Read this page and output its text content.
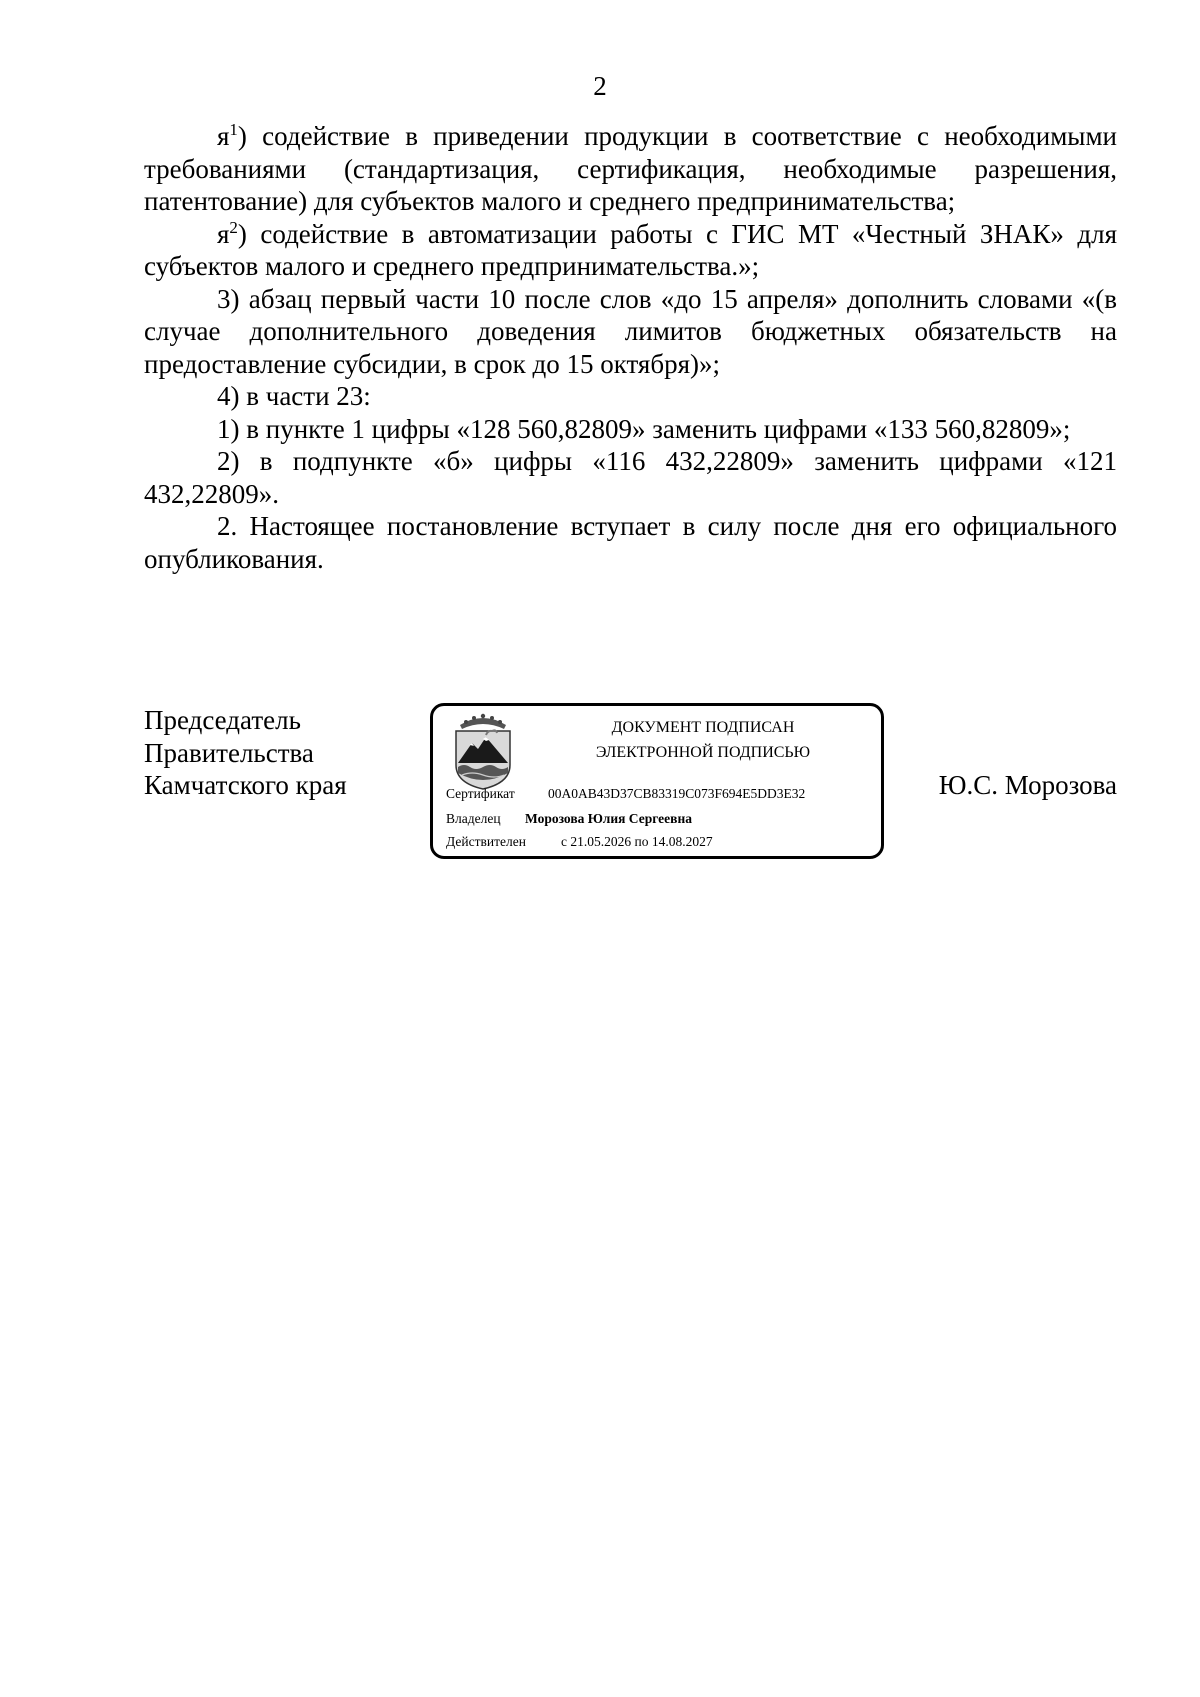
2

$я^1$) содействие в приведении продукции в соответствие с необходимыми требованиями (стандартизация, сертификация, необходимые разрешения, патентование) для субъектов малого и среднего предпринимательства;

$я^2$) содействие в автоматизации работы с ГИС МТ «Честный ЗНАК» для субъектов малого и среднего предпринимательства.»;

3) абзац первый части 10 после слов «до 15 апреля» дополнить словами «(в случае дополнительного доведения лимитов бюджетных обязательств на предоставление субсидии, в срок до 15 октября)»;

4) в части 23:

1) в пункте 1 цифры «128 560,82809» заменить цифрами «133 560,82809»;

2) в подпункте «б» цифры «116 432,22809» заменить цифрами «121 432,22809».

2. Настоящее постановление вступает в силу после дня его официального опубликования.

Председатель
Правительства
Камчатского края
ДОКУМЕНТ ПОДПИСАН
ЭЛЕКТРОННОЙ ПОДПИСЬЮ
Сертификат 00A0AB43D37CB83319C073F694E5DD3E32
Владелец Морозова Юлия Сергеевна
Действителен	с 21.05.2026 по 14.08.2027
Ю.С. Морозова
